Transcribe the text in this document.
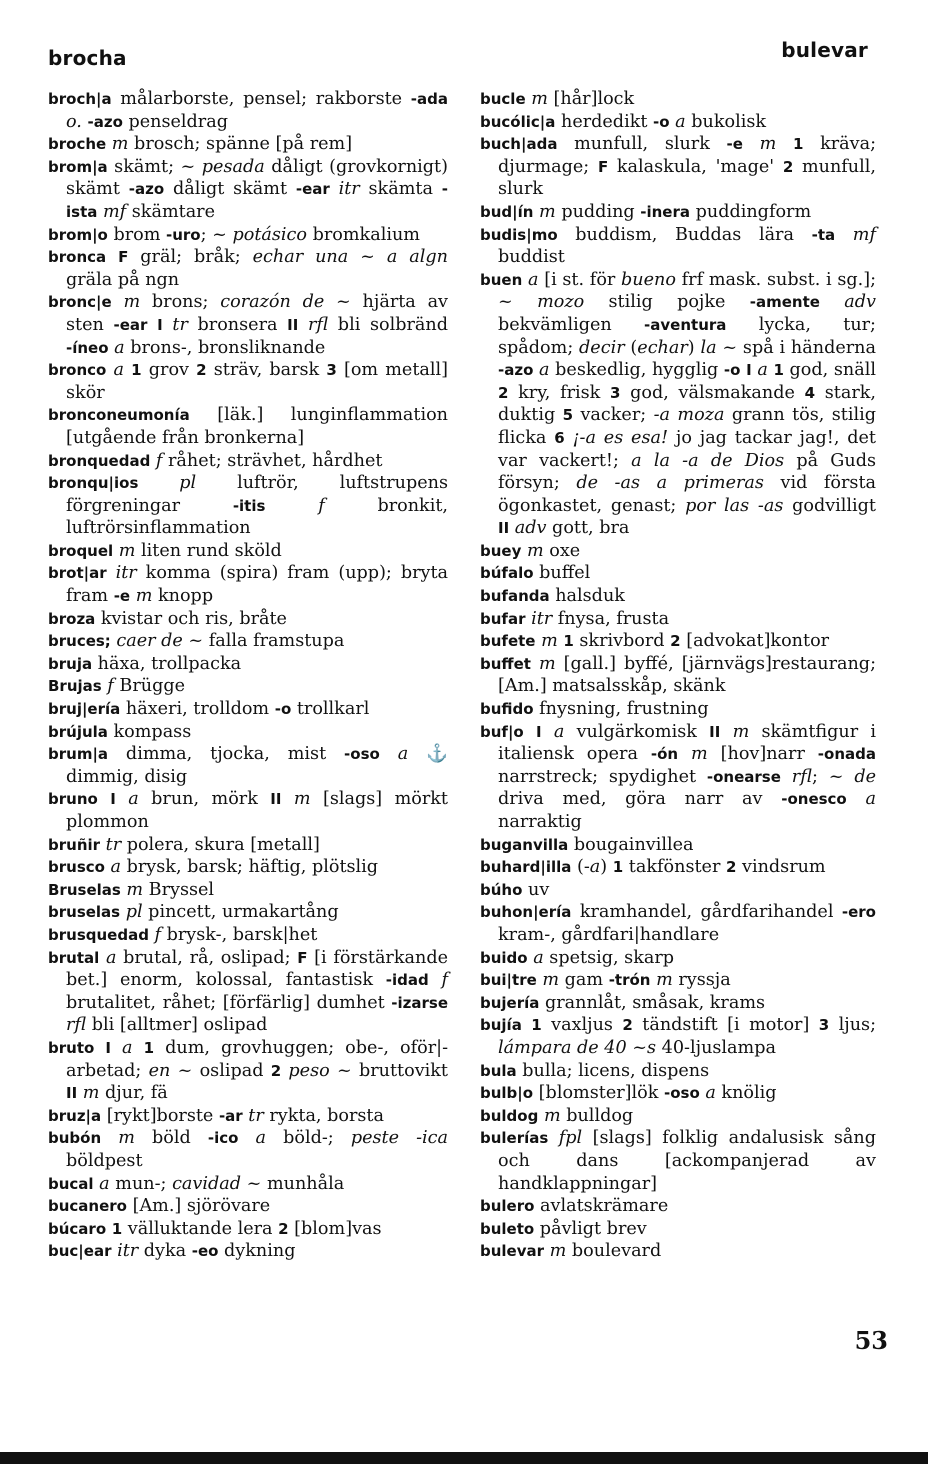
brocha	bulevar

broch|a målarborste, pensel; rakborste -ada o. -azo penseldrag

broche m brosch; spänne [på rem]

brom|a skämt; ~ pesada dåligt (grovkornigt) skämt -azo dåligt skämt -ear itr skämta -ista mf skämtare

brom|o brom -uro; ~ potásico bromkalium

bronca F gräl; bråk; echar una ~ a algn gräla på ngn

bronc|e m brons; corazón de ~ hjärta av sten -ear I tr bronsera II rfl bli solbränd -íneo a brons-, bronsliknande

bronco a 1 grov 2 sträv, barsk 3 [om metall] skör

bronconeumonía [läk.] lunginflammation [utgående från bronkerna]

bronquedad f råhet; strävhet, hårdhet

bronqu|ios pl luftrör, luftstrupens förgreningar -itis	f bronkit, luftrörsinflammation

broquel m liten rund sköld

brot|ar itr komma (spira) fram (upp); bryta fram -e m knopp

broza kvistar och ris, bråte

bruces; caer de ~ falla framstupa

bruja häxa, trollpacka

Brujas f Brügge

bruj|ería häxeri, trolldom -o trollkarl

brújula kompass

brum|a dimma, tjocka, mist -oso a ⚓ dimmig, disig

bruno I a brun, mörk II m [slags] mörkt plommon

bruñir tr polera, skura [metall]

brusco a brysk, barsk; häftig, plötslig

Bruselas m Bryssel

bruselas pl pincett, urmakartång

brusquedad f brysk-, barsk|het

brutal a brutal, rå, oslipad; F [i förstärkande bet.] enorm, kolossal, fantastisk -idad f brutalitet, råhet; [förfärlig] dumhet -izarse rfl bli [alltmer] oslipad

bruto I a 1 dum, grovhuggen; obe-, oför|-arbetad; en ~ oslipad 2 peso ~ bruttovikt II m djur, fä

bruz|a [rykt]borste -ar tr rykta, borsta

bubón m böld -ico a böld-; peste -ica böldpest

bucal a mun-; cavidad ~ munhåla

bucanero [Am.] sjörövare

búcaro 1 välluktande lera 2 [blom]vas

buc|ear itr dyka -eo dykning

bucle m [hår]lock

bucólic|a herdedikt -o a bukolisk

buch|ada munfull, slurk -e m 1 kräva; djurmage; F kalaskula, 'mage' 2 munfull, slurk

bud|ín m pudding -inera puddingform

budis|mo buddism, Buddas lära -ta mf buddist

buen a [i st. för bueno frf mask. subst. i sg.]; ~ mozo stilig pojke -amente adv bekvämligen -aventura lycka, tur; spådom; decir (echar) la ~ spå i händerna -azo a beskedlig, hygglig -o I a 1 god, snäll 2 kry, frisk 3 god, välsmakande 4 stark, duktig 5 vacker; -a moza grann tös, stilig flicka 6 ¡-a es esa! jo jag tackar jag!, det var vackert!; a la -a de Dios på Guds försyn; de -as a primeras vid första ögonkastet, genast; por las -as godvilligt II adv gott, bra

buey m oxe

búfalo buffel

bufanda halsduk

bufar itr fnysa, frusta

bufete m 1 skrivbord 2 [advokat]kontor

buffet m [gall.] byffé, [järnvägs]restaurang; [Am.] matsalsskåp, skänk

bufido fnysning, frustning

buf|o I a vulgärkomisk II m skämtfigur i italiensk opera -ón m [hov]narr -onada narrstreck; spydighet -onearse rfl; ~ de driva med, göra narr av -onesco a narraktig

buganvilla bougainvillea

buhard|illa (-a) 1 takfönster 2 vindsrum

búho uv

buhon|ería kramhandel, gårdfarihandel -ero kram-, gårdfari|handlare

buido a spetsig, skarp

bui|tre m gam -trón m ryssja

bujería grannlåt, småsak, krams

bujía 1 vaxljus 2 tändstift [i motor] 3 ljus; lámpara de 40 ~s 40-ljuslampa

bula bulla; licens, dispens

bulb|o [blomster]lök -oso a knölig

buldog m bulldog

bulerías fpl [slags] folklig andalusisk sång och dans [ackompanjerad av handklappningar]

bulero avlatskrämare

buleto påvligt brev

bulevar m boulevard

53
